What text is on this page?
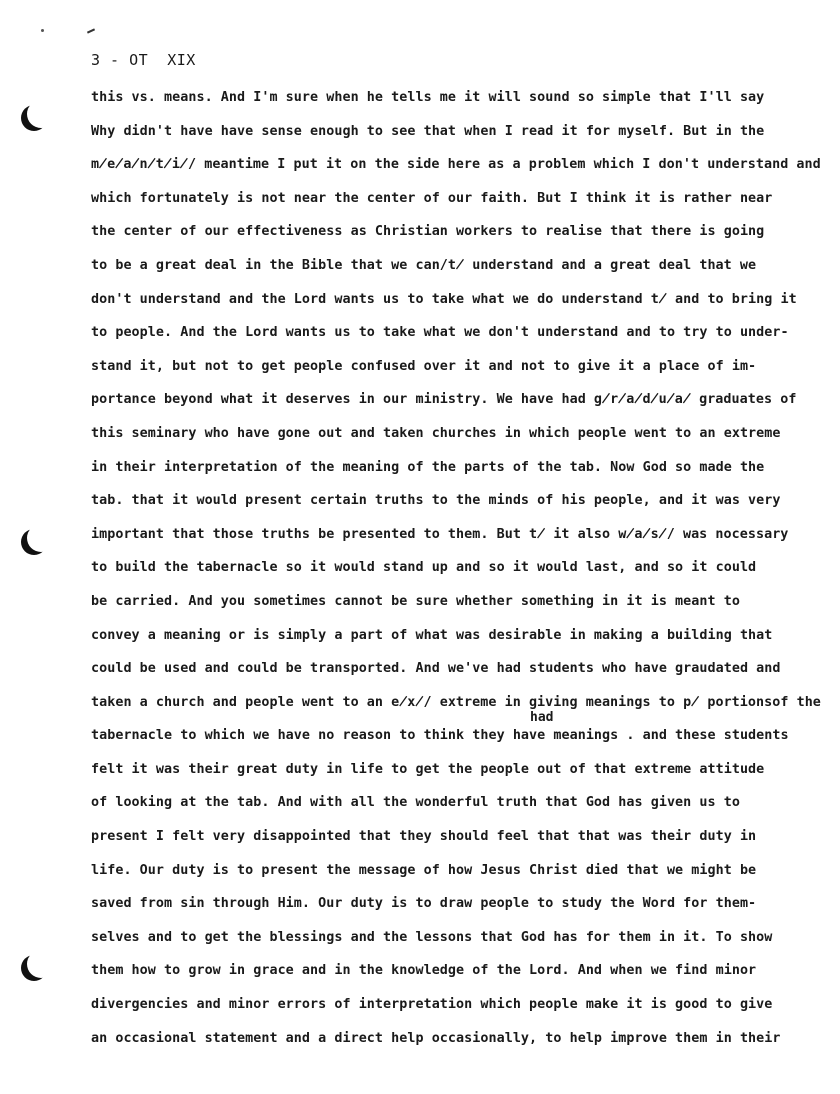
3 - OT  XIX
this vs. means. And I'm sure when he tells me it will sound so simple that I'll say
Why didn't have have sense enough to see that when I read it for myself. But in the
m̸e̸a̸n̸t̸i̸/ meantime I put it on the side here as a problem which I don't understand and
which fortunately is not near the center of our faith. But I think it is rather near
the center of our effectiveness as Christian workers to realise that there is going
to be a great deal in the Bible that we can/t̸ understand and a great deal that we
don't understand and the Lord wants us to take what we do understand t̸ and to bring it
to people. And the Lord wants us to take what we don't understand and to try to under-
stand it, but not to get people confused over it and not to give it a place of im-
portance beyond what it deserves in our ministry. We have had g̸r̸a̸d̸u̸a̸ graduates of
this seminary who have gone out and taken churches in which people went to an extreme
in their interpretation of the meaning of the parts of the tab. Now God so made the
tab. that it would present certain truths to the minds of his people, and it was very
important that those truths be presented to them. But t̸ it also w̸a̸s̸/ was nocessary
to build the tabernacle so it would stand up and so it would last, and so it could
be carried. And you sometimes cannot be sure whether something in it is meant to
convey a meaning or is simply a part of what was desirable in making a building that
could be used and could be transported. And we've had students who have graudated and
taken a church and people went to an e̸x̸/ extreme in giving meanings to p̸ portionsof the
tabernacle to which we have no reason to think they have meanings . and these students
felt it was their great duty in life to get the people out of that extreme attitude
of looking at the tab. And with all the wonderful truth that God has given us to
present I felt very disappointed that they should feel that that was their duty in
life. Our duty is to present the message of how Jesus Christ died that we might be
saved from sin through Him. Our duty is to draw people to study the Word for them-
selves and to get the blessings and the lessons that God has for them in it. To show
them how to grow in grace and in the knowledge of the Lord. And when we find minor
divergencies and minor errors of interpretation which people make it is good to give
an occasional statement and a direct help occasionally, to help improve them in their
had
